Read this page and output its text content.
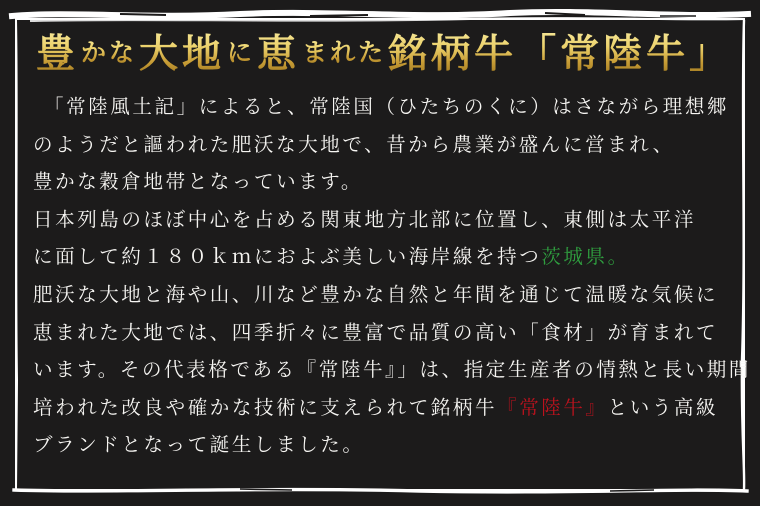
豊 かな 大地 に 恵 まれた 銘柄牛「常陸牛」
「常陸風土記」によると、常陸国（ひたちのくに）はさながら理想郷
のようだと謳われた肥沃な大地で、昔から農業が盛んに営まれ、
豊かな穀倉地帯となっています。
日本列島のほぼ中心を占める関東地方北部に位置し、東側は太平洋
に面して約１８０ｋｍにおよぶ美しい海岸線を持つ茨城県。
肥沃な大地と海や山、川など豊かな自然と年間を通じて温暖な気候に
恵まれた大地では、四季折々に豊富で品質の高い「食材」が育まれて
います。その代表格である『常陸牛』」は、指定生産者の情熱と長い期間
培われた改良や確かな技術に支えられて銘柄牛『常陸牛』という高級
ブランドとなって誕生しました。
